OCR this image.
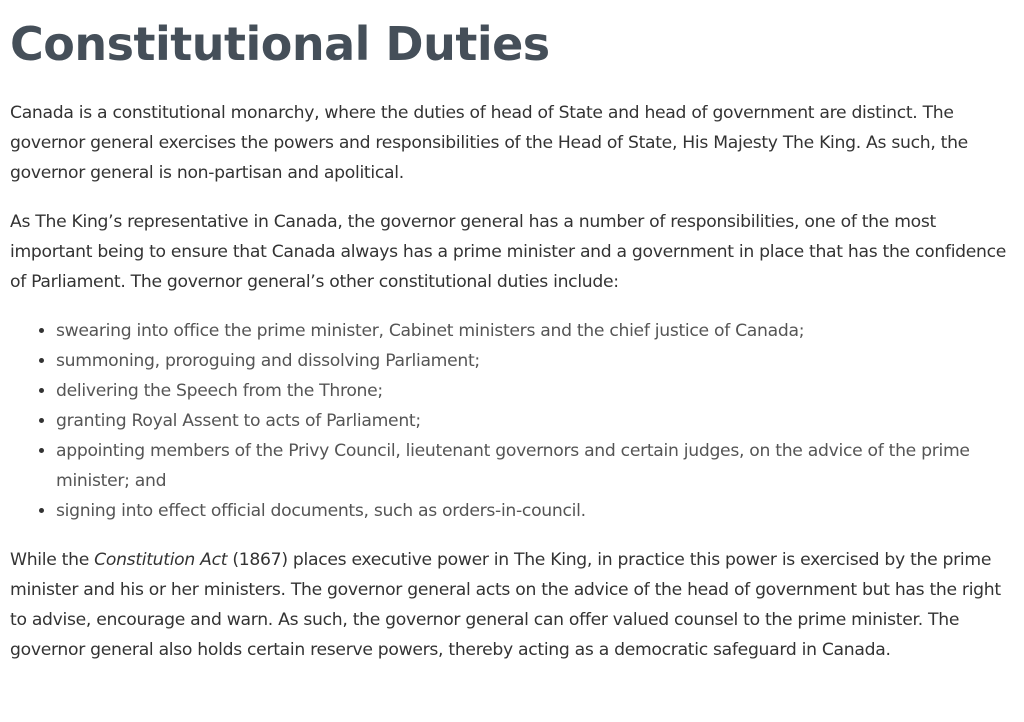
Constitutional Duties

Canada is a constitutional monarchy, where the duties of head of State and head of government are distinct. The governor general exercises the powers and responsibilities of the Head of State, His Majesty The King. As such, the governor general is non-partisan and apolitical.

As The King’s representative in Canada, the governor general has a number of responsibilities, one of the most important being to ensure that Canada always has a prime minister and a government in place that has the confidence of Parliament. The governor general’s other constitutional duties include:

• swearing into office the prime minister, Cabinet ministers and the chief justice of Canada;
• summoning, proroguing and dissolving Parliament;
• delivering the Speech from the Throne;
• granting Royal Assent to acts of Parliament;
• appointing members of the Privy Council, lieutenant governors and certain judges, on the advice of the prime minister; and
• signing into effect official documents, such as orders-in-council.

While the Constitution Act (1867) places executive power in The King, in practice this power is exercised by the prime minister and his or her ministers. The governor general acts on the advice of the head of government but has the right to advise, encourage and warn. As such, the governor general can offer valued counsel to the prime minister. The governor general also holds certain reserve powers, thereby acting as a democratic safeguard in Canada.
